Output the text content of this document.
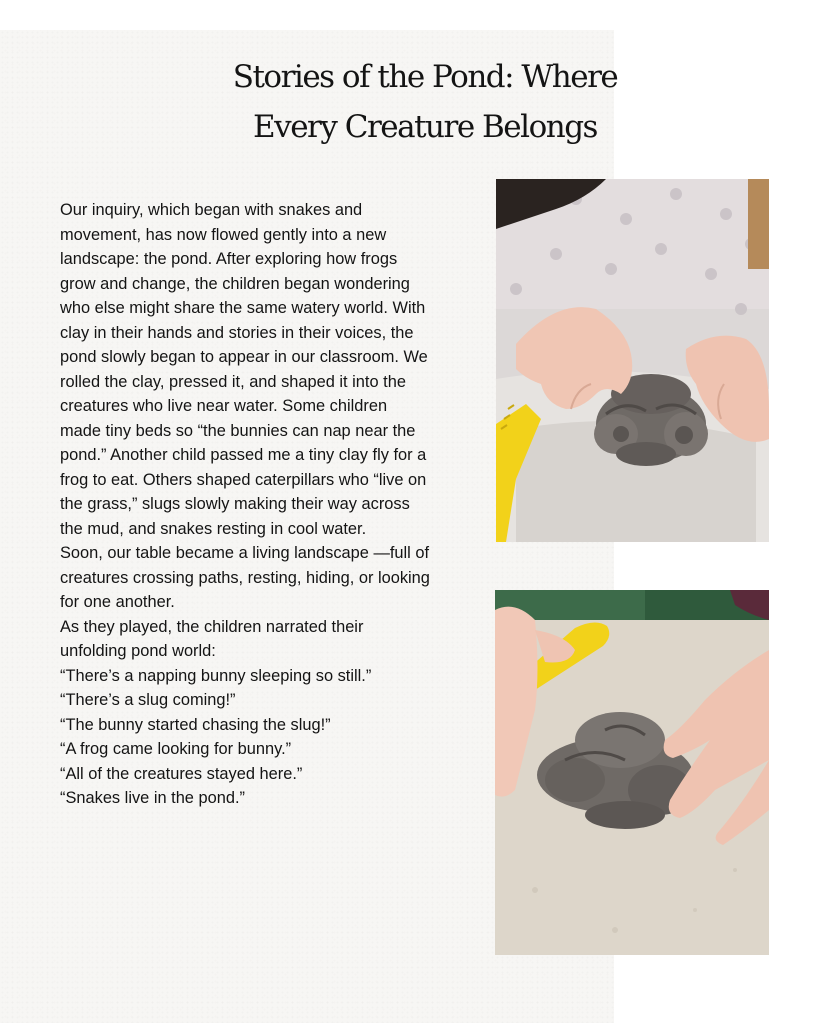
Stories of the Pond: Where
Every Creature Belongs

Our inquiry, which began with snakes and movement, has now flowed gently into a new landscape: the pond. After exploring how frogs grow and change, the children began wondering who else might share the same watery world. With clay in their hands and stories in their voices, the pond slowly began to appear in our classroom. We rolled the clay, pressed it, and shaped it into the creatures who live near water. Some children made tiny beds so “the bunnies can nap near the pond.” Another child passed me a tiny clay fly for a frog to eat. Others shaped caterpillars who “live on the grass,” slugs slowly making their way across the mud, and snakes resting in cool water.

Soon, our table became a living landscape —full of creatures crossing paths, resting, hiding, or looking for one another.

As they played, the children narrated their unfolding pond world:

“There’s a napping bunny sleeping so still.”

“There’s a slug coming!”

“The bunny started chasing the slug!”

“A frog came looking for bunny.”

“All of the creatures stayed here.”

“Snakes live in the pond.”
